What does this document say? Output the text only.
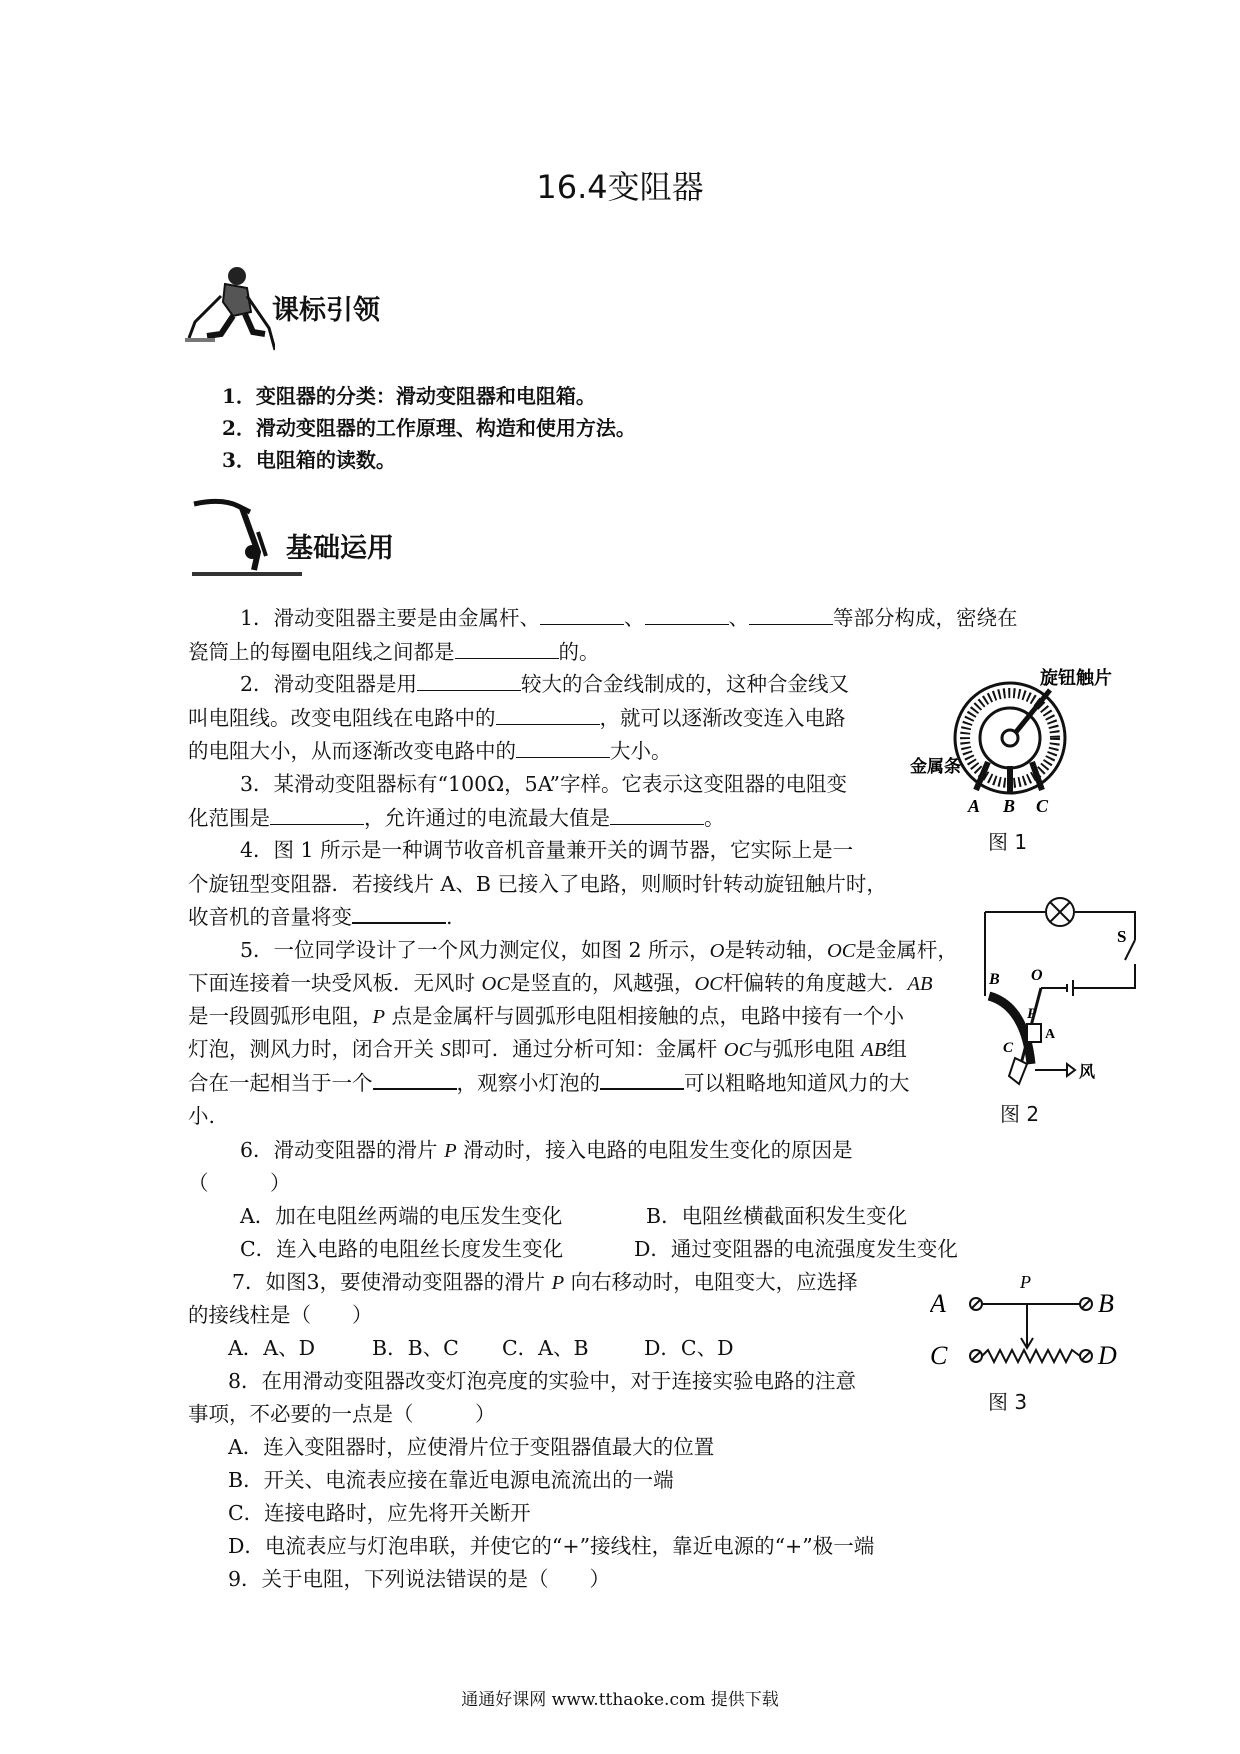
16.4变阻器
课标引领
1．变阻器的分类：滑动变阻器和电阻箱。
2．滑动变阻器的工作原理、构造和使用方法。
3．电阻箱的读数。
基础运用
1．滑动变阻器主要是由金属杆、	、	、	等部分构成，密绕在
瓷筒上的每圈电阻线之间都是	的。
2．滑动变阻器是用	较大的合金线制成的，这种合金线又
叫电阻线。改变电阻线在电路中的	，就可以逐渐改变连入电路
的电阻大小，从而逐渐改变电路中的	大小。
3．某滑动变阻器标有“100Ω，5A”字样。它表示这变阻器的电阻变
化范围是	，允许通过的电流最大值是	。
4．图 1 所示是一种调节收音机音量兼开关的调节器，它实际上是一
个旋钮型变阻器．若接线片 A、B 已接入了电路，则顺时针转动旋钮触片时，
收音机的音量将变	.
5．一位同学设计了一个风力测定仪，如图 2 所示，O是转动轴，OC是金属杆，
下面连接着一块受风板．无风时 OC是竖直的，风越强，OC杆偏转的角度越大．AB
是一段圆弧形电阻，P 点是金属杆与圆弧形电阻相接触的点，电路中接有一个小
灯泡，测风力时，闭合开关 S即可．通过分析可知：金属杆 OC与弧形电阻 AB组
合在一起相当于一个	，观察小灯泡的	可以粗略地知道风力的大
小.
6．滑动变阻器的滑片 P 滑动时，接入电路的电阻发生变化的原因是
（　　　）
A．加在电阻丝两端的电压发生变化	B．电阻丝横截面积发生变化
C．连入电路的电阻丝长度发生变化	D．通过变阻器的电流强度发生变化
7．如图3，要使滑动变阻器的滑片 P 向右移动时，电阻变大，应选择
的接线柱是（　　）
A．A、D	B．B、C C．A、B	D．C、D
8．在用滑动变阻器改变灯泡亮度的实验中，对于连接实验电路的注意
事项，不必要的一点是（　　　）
A．连入变阻器时，应使滑片位于变阻器值最大的位置
B．开关、电流表应接在靠近电源电流流出的一端
C．连接电路时，应先将开关断开
D．电流表应与灯泡串联，并使它的“+”接线柱，靠近电源的“+”极一端
9．关于电阻，下列说法错误的是（　　）
旋钮触片
金属条
A B C
图 1
S
B O
P
A
C
风
图 2
A
C
B
D
P
图 3
通通好课网 www.tthaoke.com 提供下载
